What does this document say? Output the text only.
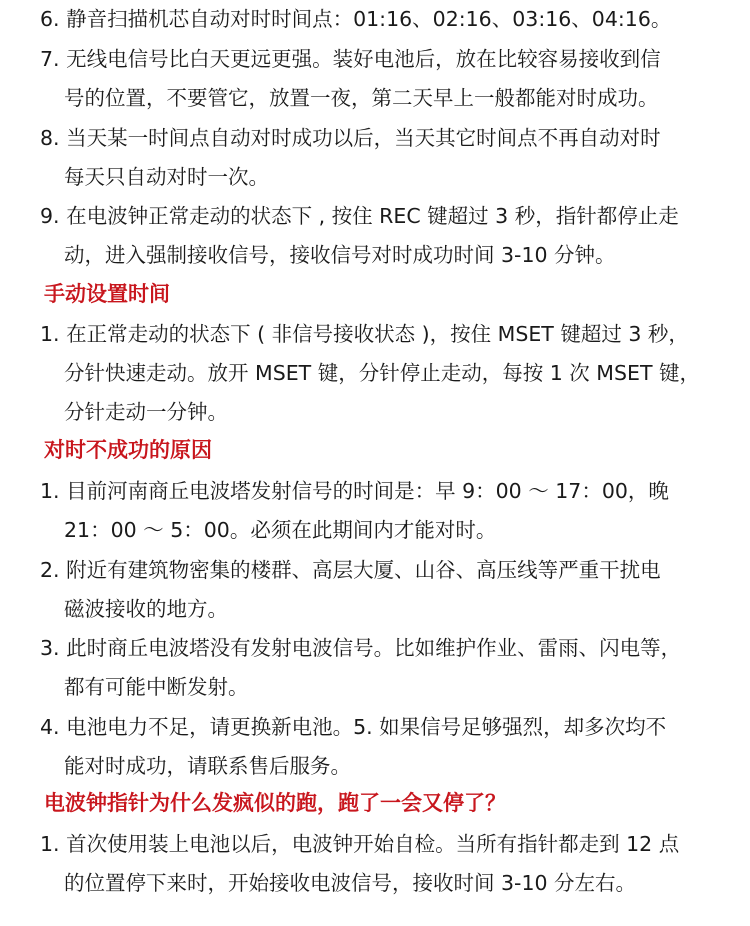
6. 静音扫描机芯自动对时时间点：01:16、02:16、03:16、04:16。
7. 无线电信号比白天更远更强。装好电池后，放在比较容易接收到信
号的位置，不要管它，放置一夜，第二天早上一般都能对时成功。
8. 当天某一时间点自动对时成功以后，当天其它时间点不再自动对时
每天只自动对时一次。
9. 在电波钟正常走动的状态下 , 按住 REC 键超过 3 秒，指针都停止走
动，进入强制接收信号，接收信号对时成功时间 3-10 分钟。
手动设置时间
1. 在正常走动的状态下 ( 非信号接收状态 )，按住 MSET 键超过 3 秒，
分针快速走动。放开 MSET 键，分针停止走动，每按 1 次 MSET 键，
分针走动一分钟。
对时不成功的原因
1. 目前河南商丘电波塔发射信号的时间是：早 9：00 ～ 17：00，晚
21：00 ～ 5：00。必须在此期间内才能对时。
2. 附近有建筑物密集的楼群、高层大厦、山谷、高压线等严重干扰电
磁波接收的地方。
3. 此时商丘电波塔没有发射电波信号。比如维护作业、雷雨、闪电等，
都有可能中断发射。
4. 电池电力不足，请更换新电池。5. 如果信号足够强烈，却多次均不
能对时成功，请联系售后服务。
电波钟指针为什么发疯似的跑，跑了一会又停了？
1. 首次使用装上电池以后，电波钟开始自检。当所有指针都走到 12 点
的位置停下来时，开始接收电波信号，接收时间 3-10 分左右。
